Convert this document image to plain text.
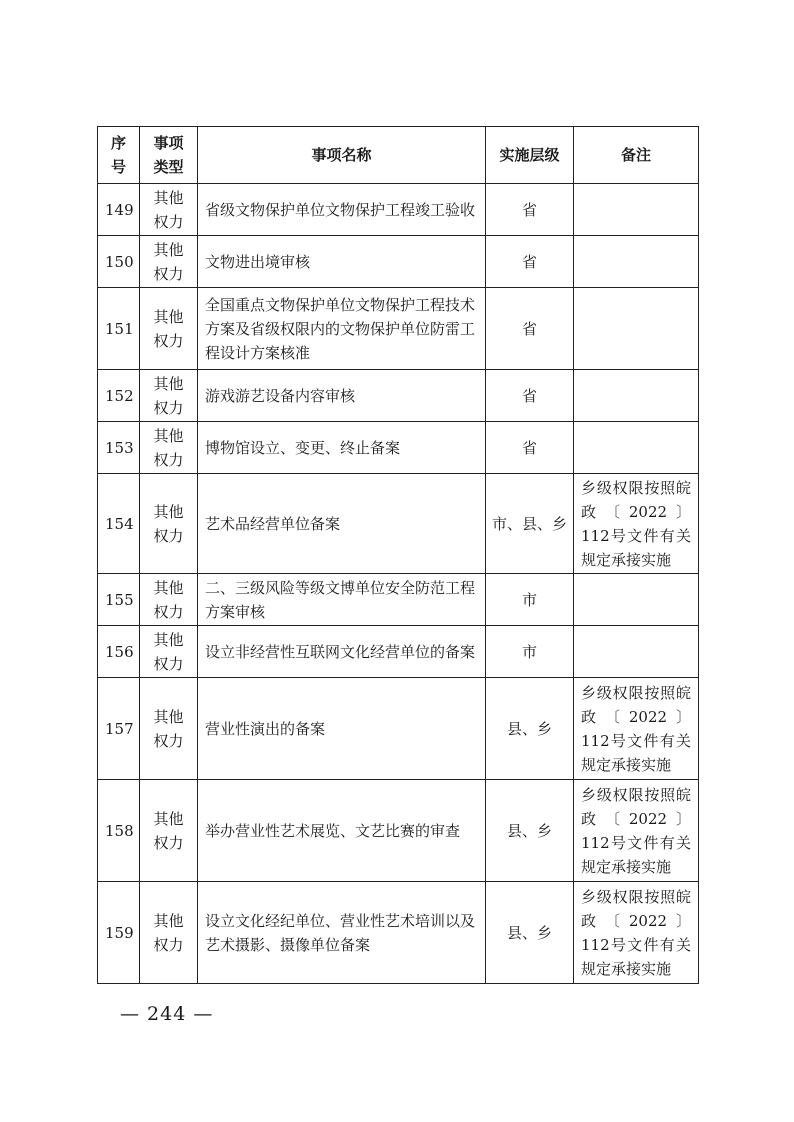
序号	事项类型	事项名称	实施层级	备注
149	其他权力	省级文物保护单位文物保护工程竣工验收	省	
150	其他权力	文物进出境审核	省	
151	其他权力	全国重点文物保护单位文物保护工程技术方案及省级权限内的文物保护单位防雷工程设计方案核准	省	
152	其他权力	游戏游艺设备内容审核	省	
153	其他权力	博物馆设立、变更、终止备案	省	
154	其他权力	艺术品经营单位备案	市、县、乡	乡级权限按照皖政〔2022〕112号文件有关规定承接实施
155	其他权力	二、三级风险等级文博单位安全防范工程方案审核	市	
156	其他权力	设立非经营性互联网文化经营单位的备案	市	
157	其他权力	营业性演出的备案	县、乡	乡级权限按照皖政〔2022〕112号文件有关规定承接实施
158	其他权力	举办营业性艺术展览、文艺比赛的审查	县、乡	乡级权限按照皖政〔2022〕112号文件有关规定承接实施
159	其他权力	设立文化经纪单位、营业性艺术培训以及艺术摄影、摄像单位备案	县、乡	乡级权限按照皖政〔2022〕112号文件有关规定承接实施
— 244 —
